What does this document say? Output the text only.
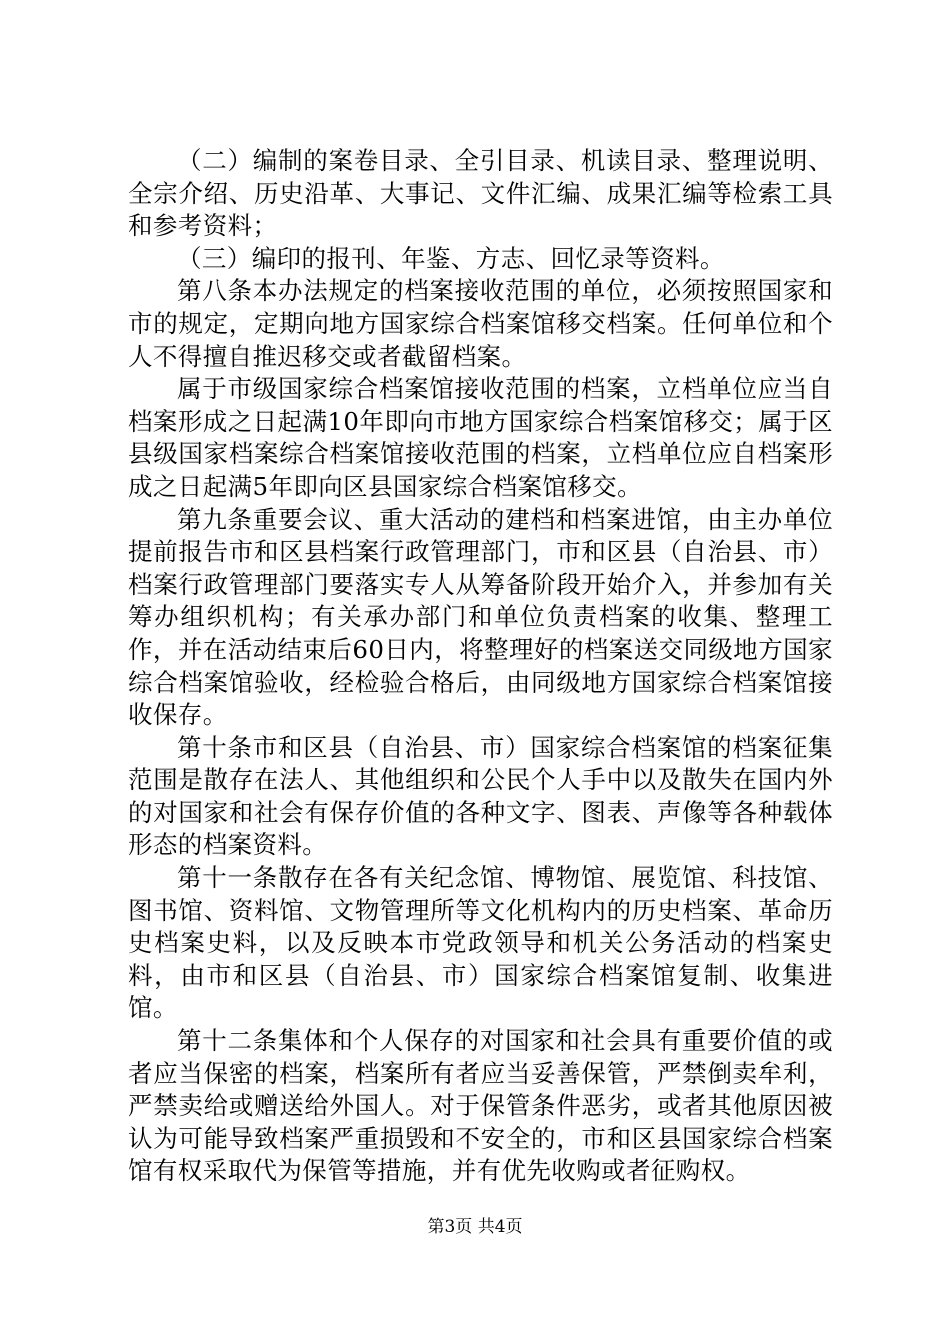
（二）编制的案卷目录、全引目录、机读目录、整理说明、全宗介绍、历史沿革、大事记、文件汇编、成果汇编等检索工具和参考资料；

（三）编印的报刊、年鉴、方志、回忆录等资料。

第八条本办法规定的档案接收范围的单位，必须按照国家和市的规定，定期向地方国家综合档案馆移交档案。任何单位和个人不得擅自推迟移交或者截留档案。

属于市级国家综合档案馆接收范围的档案，立档单位应当自档案形成之日起满10年即向市地方国家综合档案馆移交；属于区县级国家档案综合档案馆接收范围的档案，立档单位应自档案形成之日起满5年即向区县国家综合档案馆移交。

第九条重要会议、重大活动的建档和档案进馆，由主办单位提前报告市和区县档案行政管理部门，市和区县（自治县、市）档案行政管理部门要落实专人从筹备阶段开始介入，并参加有关筹办组织机构；有关承办部门和单位负责档案的收集、整理工作，并在活动结束后60日内，将整理好的档案送交同级地方国家综合档案馆验收，经检验合格后，由同级地方国家综合档案馆接收保存。

第十条市和区县（自治县、市）国家综合档案馆的档案征集范围是散存在法人、其他组织和公民个人手中以及散失在国内外的对国家和社会有保存价值的各种文字、图表、声像等各种载体形态的档案资料。

第十一条散存在各有关纪念馆、博物馆、展览馆、科技馆、图书馆、资料馆、文物管理所等文化机构内的历史档案、革命历史档案史料，以及反映本市党政领导和机关公务活动的档案史料，由市和区县（自治县、市）国家综合档案馆复制、收集进馆。

第十二条集体和个人保存的对国家和社会具有重要价值的或者应当保密的档案，档案所有者应当妥善保管，严禁倒卖牟利，严禁卖给或赠送给外国人。对于保管条件恶劣，或者其他原因被认为可能导致档案严重损毁和不安全的，市和区县国家综合档案馆有权采取代为保管等措施，并有优先收购或者征购权。

第3页 共4页
